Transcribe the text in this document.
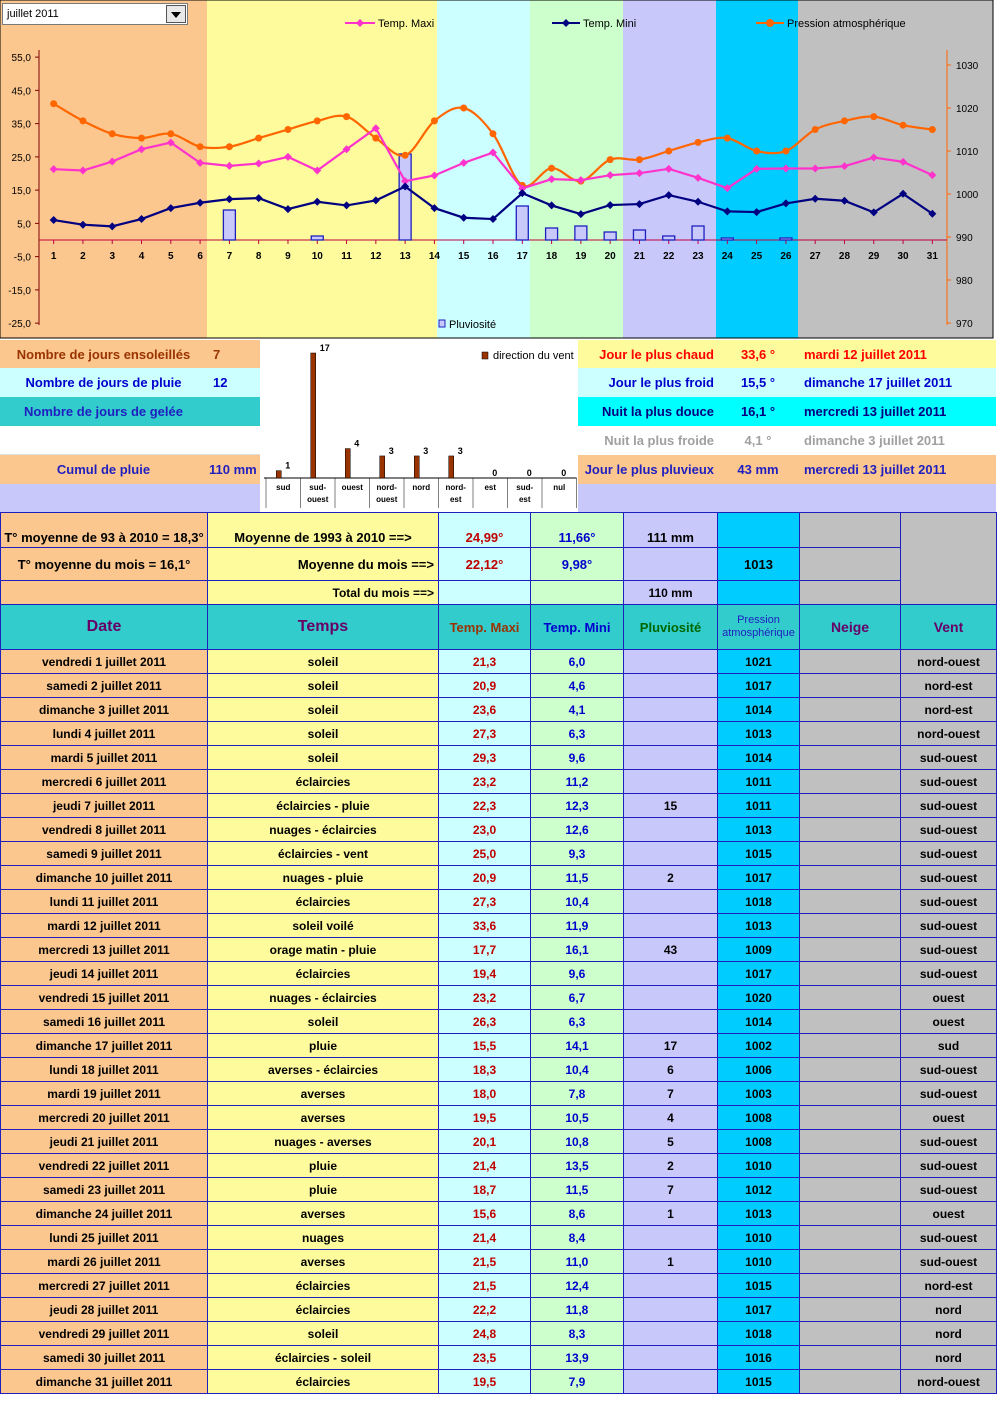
55,0
45,0
35,0
25,0
15,0
5,0
-5,0
-15,0
-25,0
1030
1020
1010
1000
990
980
970
1 2 3 4 5 6 7 8 9 10 11 12 13 14 15 16 17 18 19 20 21 22 23 24 25 26 27 28 29 30 31
Temp. Maxi	Temp. Mini	Pression atmosphérique
Pluviosité
juillet 2011
Nombre de jours ensoleillés	7
Nombre de jours de pluie	12
Nombre de jours de gelée
Cumul de pluie	110 mm
Jour le plus chaud	33,6 °	mardi 12 juillet 2011
Jour le plus froid	15,5 °	dimanche 17 juillet 2011
Nuit la plus douce	16,1 °	mercredi 13 juillet 2011
Nuit la plus froide	4,1 °	dimanche 3 juillet 2011
Jour le plus pluvieux	43 mm	mercredi 13 juillet 2011
direction du vent
1
sud
17
sud-
ouest
4
ouest
3
nord-
ouest
3
nord
3
nord-
est
0
est
0
sud-
est
0
nul
T° moyenne de 93 à 2010 = 18,3°	Moyenne de 1993 à 2010 ==>	24,99°	11,66°	111 mm			
T° moyenne du mois = 16,1°	Moyenne du mois ==>	22,12°	9,98°		1013		
	Total du mois ==>			110 mm			
Date	Temps	Temp. Maxi	Temp. Mini	Pluviosité	Pression atmosphérique	Neige	Vent
vendredi 1 juillet 2011	soleil	21,3	6,0		1021		nord-ouest
samedi 2 juillet 2011	soleil	20,9	4,6		1017		nord-est
dimanche 3 juillet 2011	soleil	23,6	4,1		1014		nord-est
lundi 4 juillet 2011	soleil	27,3	6,3		1013		nord-ouest
mardi 5 juillet 2011	soleil	29,3	9,6		1014		sud-ouest
mercredi 6 juillet 2011	éclaircies	23,2	11,2		1011		sud-ouest
jeudi 7 juillet 2011	éclaircies - pluie	22,3	12,3	15	1011		sud-ouest
vendredi 8 juillet 2011	nuages - éclaircies	23,0	12,6		1013		sud-ouest
samedi 9 juillet 2011	éclaircies - vent	25,0	9,3		1015		sud-ouest
dimanche 10 juillet 2011	nuages - pluie	20,9	11,5	2	1017		sud-ouest
lundi 11 juillet 2011	éclaircies	27,3	10,4		1018		sud-ouest
mardi 12 juillet 2011	soleil voilé	33,6	11,9		1013		sud-ouest
mercredi 13 juillet 2011	orage matin - pluie	17,7	16,1	43	1009		sud-ouest
jeudi 14 juillet 2011	éclaircies	19,4	9,6		1017		sud-ouest
vendredi 15 juillet 2011	nuages - éclaircies	23,2	6,7		1020		ouest
samedi 16 juillet 2011	soleil	26,3	6,3		1014		ouest
dimanche 17 juillet 2011	pluie	15,5	14,1	17	1002		sud
lundi 18 juillet 2011	averses - éclaircies	18,3	10,4	6	1006		sud-ouest
mardi 19 juillet 2011	averses	18,0	7,8	7	1003		sud-ouest
mercredi 20 juillet 2011	averses	19,5	10,5	4	1008		ouest
jeudi 21 juillet 2011	nuages - averses	20,1	10,8	5	1008		sud-ouest
vendredi 22 juillet 2011	pluie	21,4	13,5	2	1010		sud-ouest
samedi 23 juillet 2011	pluie	18,7	11,5	7	1012		sud-ouest
dimanche 24 juillet 2011	averses	15,6	8,6	1	1013		ouest
lundi 25 juillet 2011	nuages	21,4	8,4		1010		sud-ouest
mardi 26 juillet 2011	averses	21,5	11,0	1	1010		sud-ouest
mercredi 27 juillet 2011	éclaircies	21,5	12,4		1015		nord-est
jeudi 28 juillet 2011	éclaircies	22,2	11,8		1017		nord
vendredi 29 juillet 2011	soleil	24,8	8,3		1018		nord
samedi 30 juillet 2011	éclaircies - soleil	23,5	13,9		1016		nord
dimanche 31 juillet 2011	éclaircies	19,5	7,9		1015		nord-ouest
